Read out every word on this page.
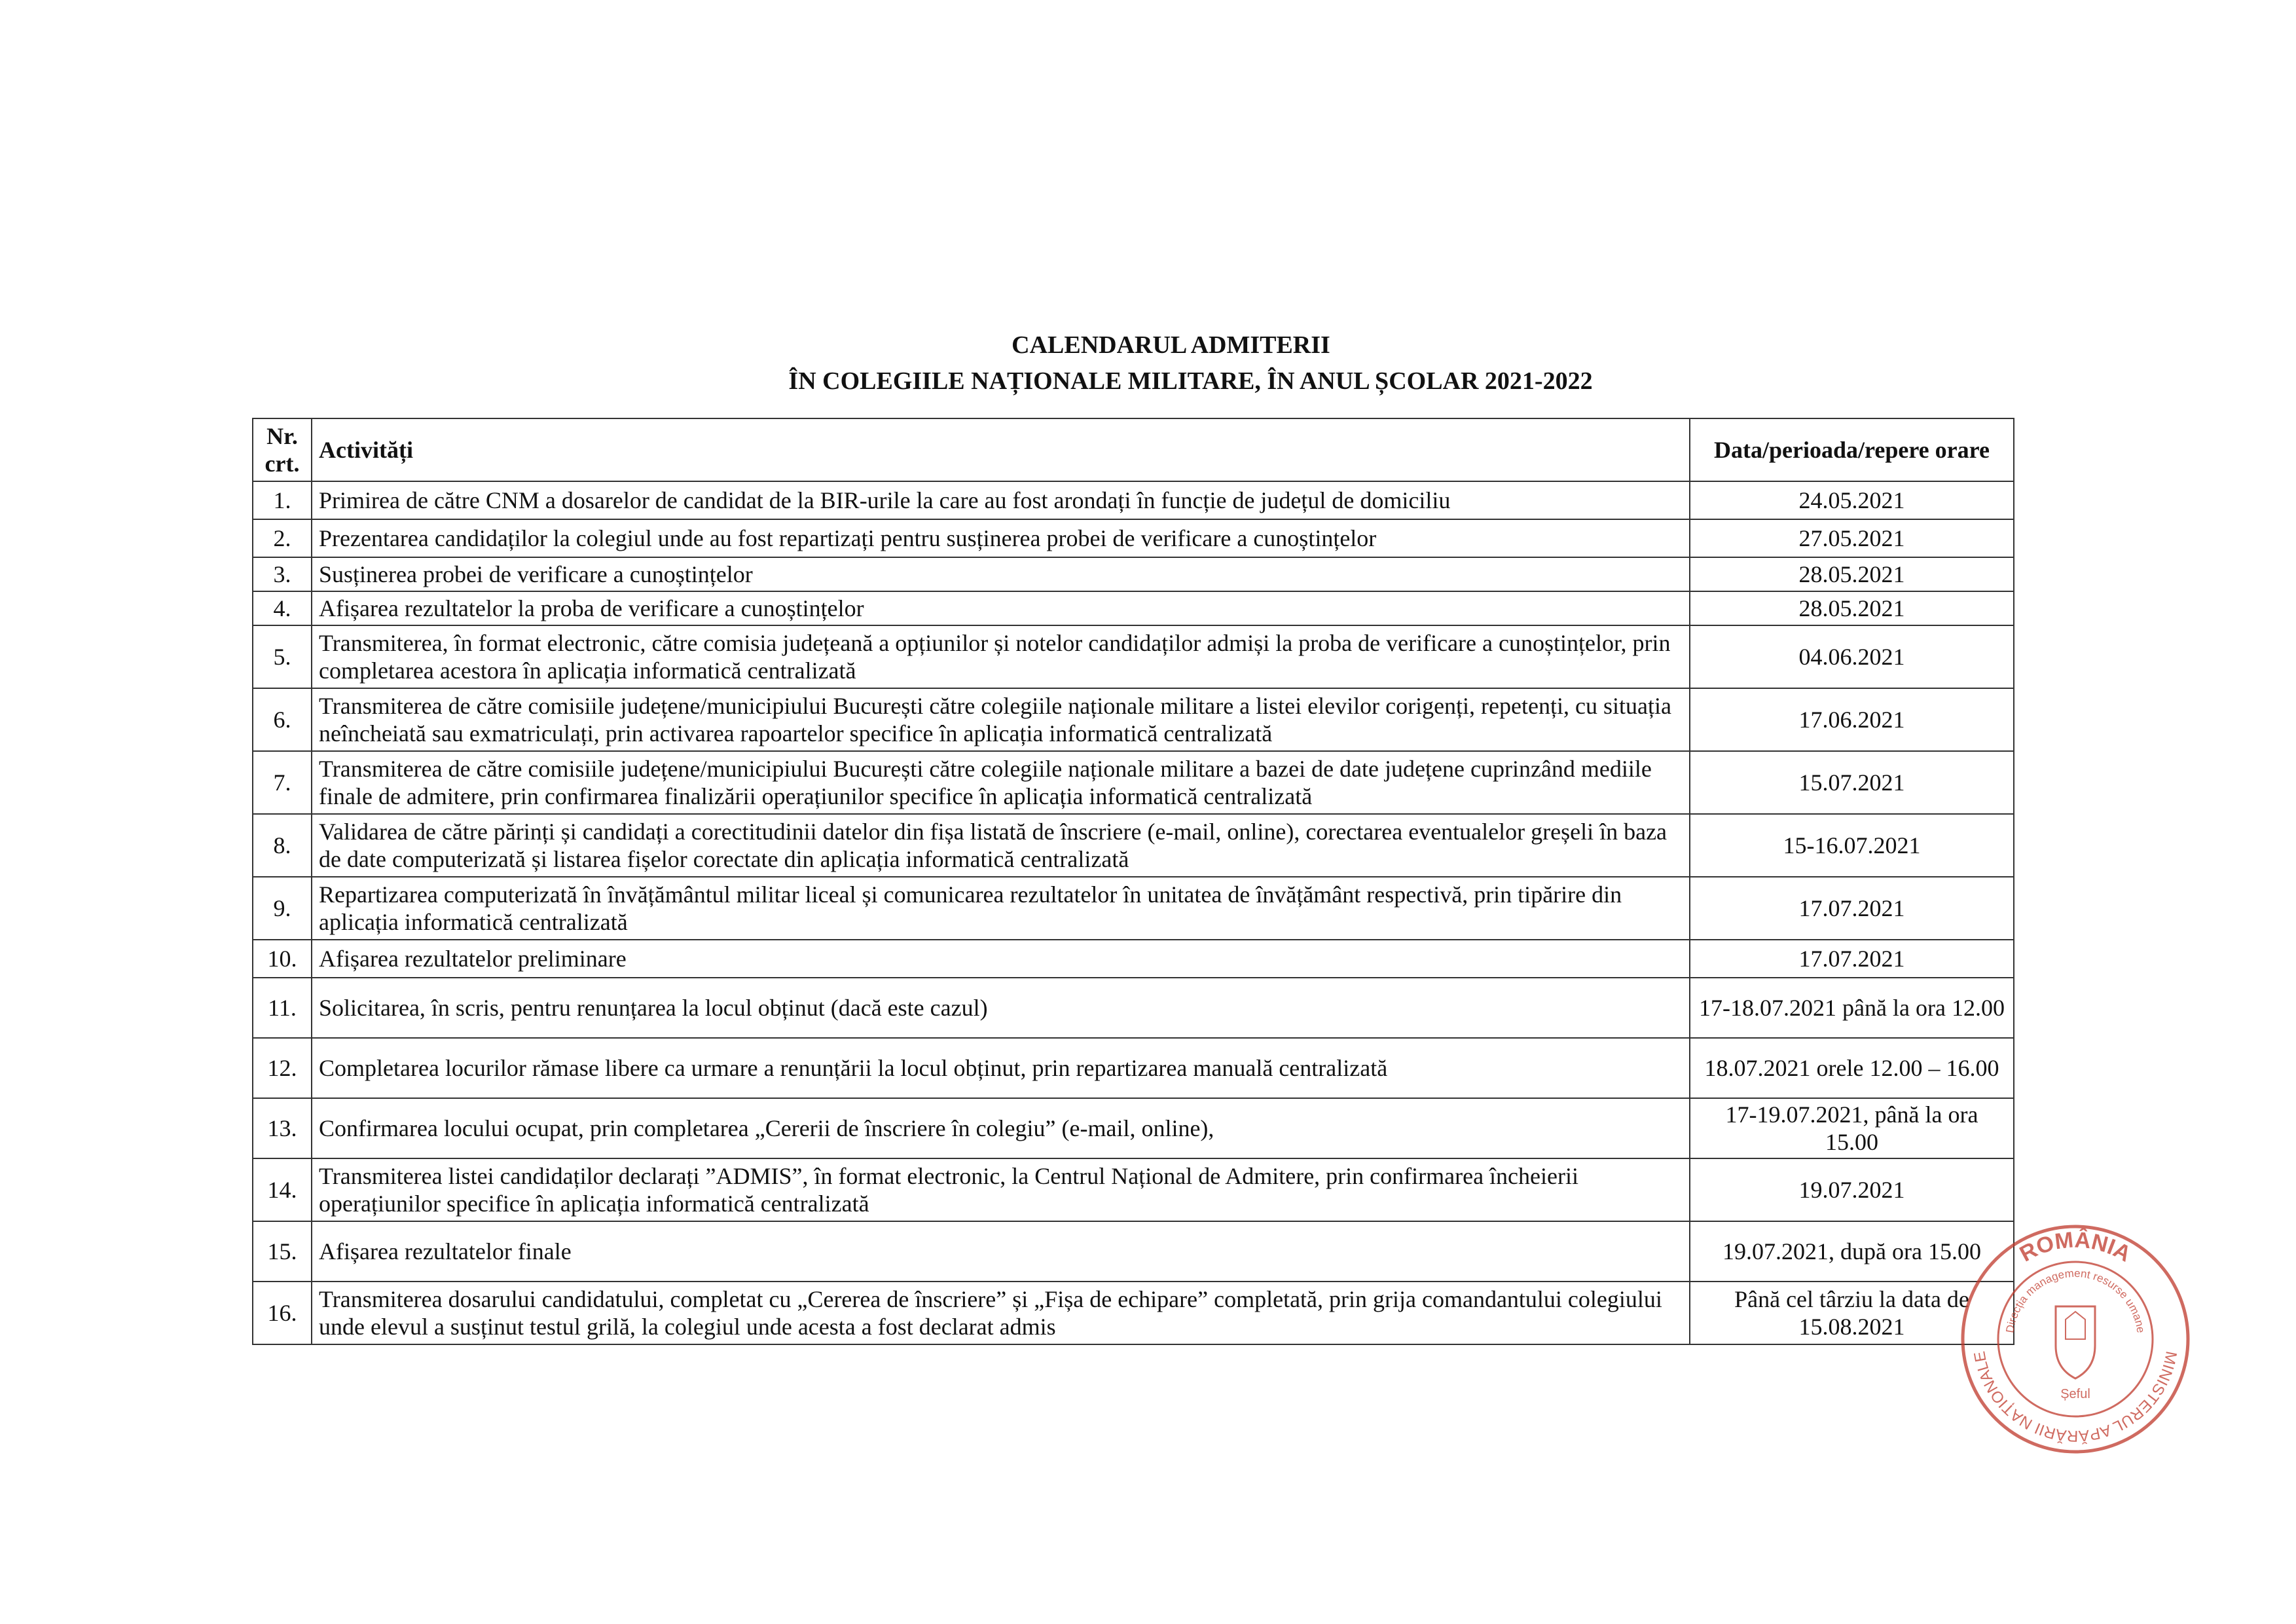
CALENDARUL ADMITERII
ÎN COLEGIILE NAȚIONALE MILITARE, ÎN ANUL ȘCOLAR 2021-2022
Nr. crt.	Activități	Data/perioada/repere orare
1.	Primirea de către CNM a dosarelor de candidat de la BIR-urile la care au fost arondați în funcție de județul de domiciliu	24.05.2021
2.	Prezentarea candidaților la colegiul unde au fost repartizați pentru susținerea probei de verificare a cunoștințelor	27.05.2021
3.	Susținerea probei de verificare a cunoștințelor	28.05.2021
4.	Afișarea rezultatelor la proba de verificare a cunoștințelor	28.05.2021
5.	Transmiterea, în format electronic, către comisia județeană a opțiunilor și notelor candidaților admiși la proba de verificare a cunoștințelor, prin completarea acestora în aplicația informatică centralizată	04.06.2021
6.	Transmiterea de către comisiile județene/municipiului București către colegiile naționale militare a listei elevilor corigenți, repetenți, cu situația neîncheiată sau exmatriculați, prin activarea rapoartelor specifice în aplicația informatică centralizată	17.06.2021
7.	Transmiterea de către comisiile județene/municipiului București către colegiile naționale militare a bazei de date județene cuprinzând mediile finale de admitere, prin confirmarea finalizării operațiunilor specifice în aplicația informatică centralizată	15.07.2021
8.	Validarea de către părinți și candidați a corectitudinii datelor din fișa listată de înscriere (e-mail, online), corectarea eventualelor greșeli în baza de date computerizată și listarea fișelor corectate din aplicația informatică centralizată	15-16.07.2021
9.	Repartizarea computerizată în învățământul militar liceal și comunicarea rezultatelor în unitatea de învățământ respectivă, prin tipărire din aplicația informatică centralizată	17.07.2021
10.	Afișarea rezultatelor preliminare	17.07.2021
11.	Solicitarea, în scris, pentru renunțarea la locul obținut (dacă este cazul)	17-18.07.2021 până la ora 12.00
12.	Completarea locurilor rămase libere ca urmare a renunțării la locul obținut, prin repartizarea manuală centralizată	18.07.2021 orele 12.00 – 16.00
13.	Confirmarea locului ocupat, prin completarea „Cererii de înscriere în colegiu” (e-mail, online),	17-19.07.2021, până la ora 15.00
14.	Transmiterea listei candidaților declarați ”ADMIS”, în format electronic, la Centrul Național de Admitere, prin confirmarea încheierii operațiunilor specifice în aplicația informatică centralizată	19.07.2021
15.	Afișarea rezultatelor finale	19.07.2021, după ora 15.00
16.	Transmiterea dosarului candidatului, completat cu „Cererea de înscriere” și „Fișa de echipare” completată, prin grija comandantului colegiului unde elevul a susținut testul grilă, la colegiul unde acesta a fost declarat admis	Până cel târziu la data de 15.08.2021
ROMÂNIA
MINISTERUL APĂRĂRII NAȚIONALE
Direcția management resurse umane
Șeful
